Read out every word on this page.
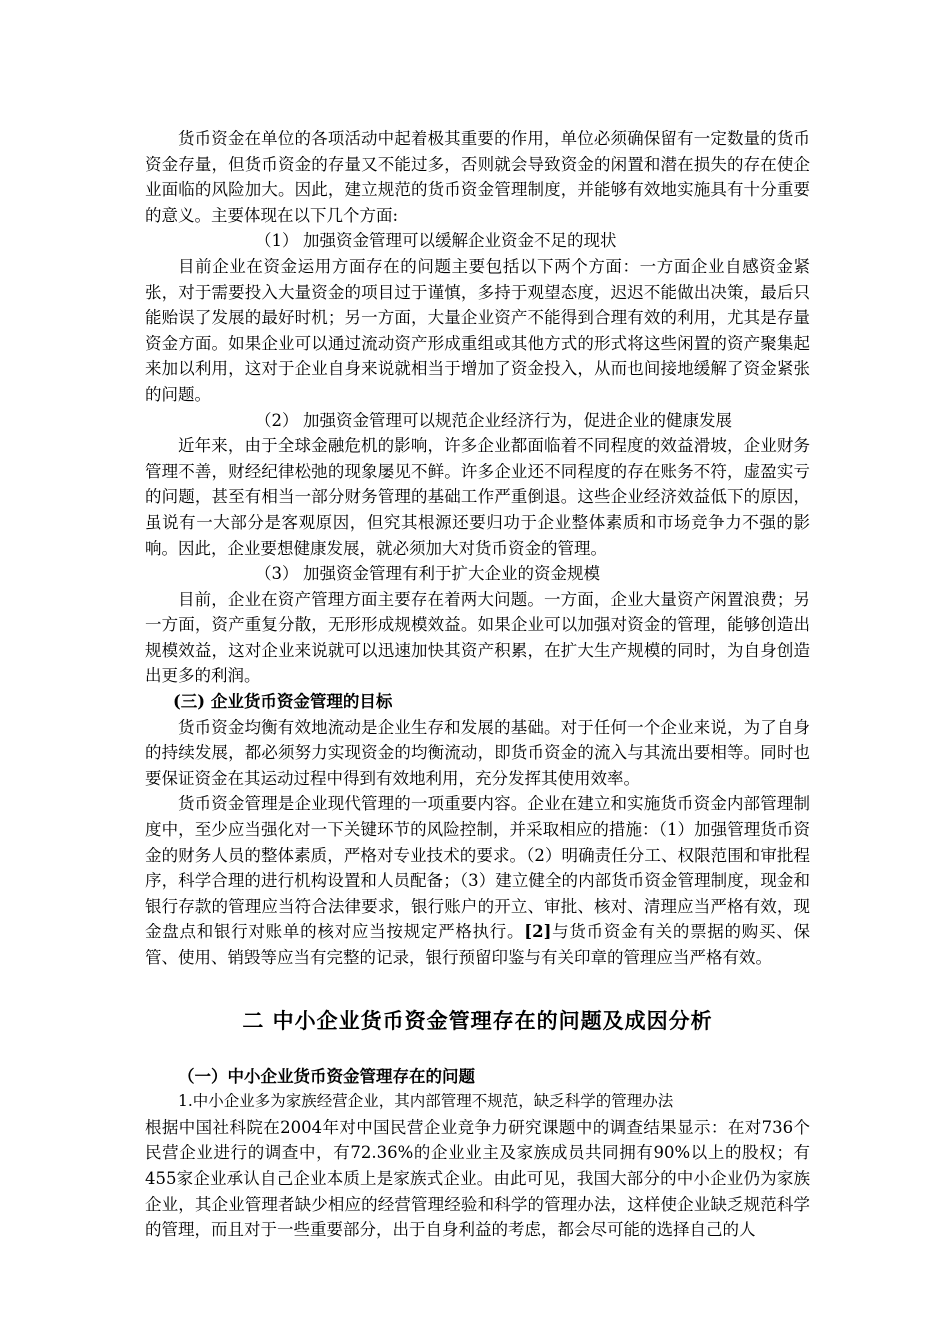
货币资金在单位的各项活动中起着极其重要的作用，单位必须确保留有一定数量的货币资金存量，但货币资金的存量又不能过多，否则就会导致资金的闲置和潜在损失的存在使企业面临的风险加大。因此，建立规范的货币资金管理制度，并能够有效地实施具有十分重要的意义。主要体现在以下几个方面:

（1） 加强资金管理可以缓解企业资金不足的现状

目前企业在资金运用方面存在的问题主要包括以下两个方面：一方面企业自感资金紧张，对于需要投入大量资金的项目过于谨慎，多持于观望态度，迟迟不能做出决策，最后只能贻误了发展的最好时机；另一方面，大量企业资产不能得到合理有效的利用，尤其是存量资金方面。如果企业可以通过流动资产形成重组或其他方式的形式将这些闲置的资产聚集起来加以利用，这对于企业自身来说就相当于增加了资金投入，从而也间接地缓解了资金紧张的问题。

（2） 加强资金管理可以规范企业经济行为，促进企业的健康发展

近年来，由于全球金融危机的影响，许多企业都面临着不同程度的效益滑坡，企业财务管理不善，财经纪律松弛的现象屡见不鲜。许多企业还不同程度的存在账务不符，虚盈实亏的问题，甚至有相当一部分财务管理的基础工作严重倒退。这些企业经济效益低下的原因，虽说有一大部分是客观原因，但究其根源还要归功于企业整体素质和市场竞争力不强的影响。因此，企业要想健康发展，就必须加大对货币资金的管理。

（3） 加强资金管理有利于扩大企业的资金规模

目前，企业在资产管理方面主要存在着两大问题。一方面，企业大量资产闲置浪费；另一方面，资产重复分散，无形形成规模效益。如果企业可以加强对资金的管理，能够创造出规模效益，这对企业来说就可以迅速加快其资产积累，在扩大生产规模的同时，为自身创造出更多的利润。

(三) 企业货币资金管理的目标

货币资金均衡有效地流动是企业生存和发展的基础。对于任何一个企业来说，为了自身的持续发展，都必须努力实现资金的均衡流动，即货币资金的流入与其流出要相等。同时也要保证资金在其运动过程中得到有效地利用，充分发挥其使用效率。

货币资金管理是企业现代管理的一项重要内容。企业在建立和实施货币资金内部管理制度中，至少应当强化对一下关键环节的风险控制，并采取相应的措施：（1）加强管理货币资金的财务人员的整体素质，严格对专业技术的要求。（2）明确责任分工、权限范围和审批程序，科学合理的进行机构设置和人员配备；（3）建立健全的内部货币资金管理制度，现金和银行存款的管理应当符合法律要求，银行账户的开立、审批、核对、清理应当严格有效，现金盘点和银行对账单的核对应当按规定严格执行。[2]与货币资金有关的票据的购买、保管、使用、销毁等应当有完整的记录，银行预留印鉴与有关印章的管理应当严格有效。

二 中小企业货币资金管理存在的问题及成因分析

（一）中小企业货币资金管理存在的问题

1.中小企业多为家族经营企业，其内部管理不规范，缺乏科学的管理办法

根据中国社科院在2004年对中国民营企业竞争力研究课题中的调查结果显示：在对736个民营企业进行的调查中，有72.36%的企业业主及家族成员共同拥有90%以上的股权；有455家企业承认自己企业本质上是家族式企业。由此可见，我国大部分的中小企业仍为家族企业，其企业管理者缺少相应的经营管理经验和科学的管理办法，这样使企业缺乏规范科学的管理，而且对于一些重要部分，出于自身利益的考虑，都会尽可能的选择自己的人
